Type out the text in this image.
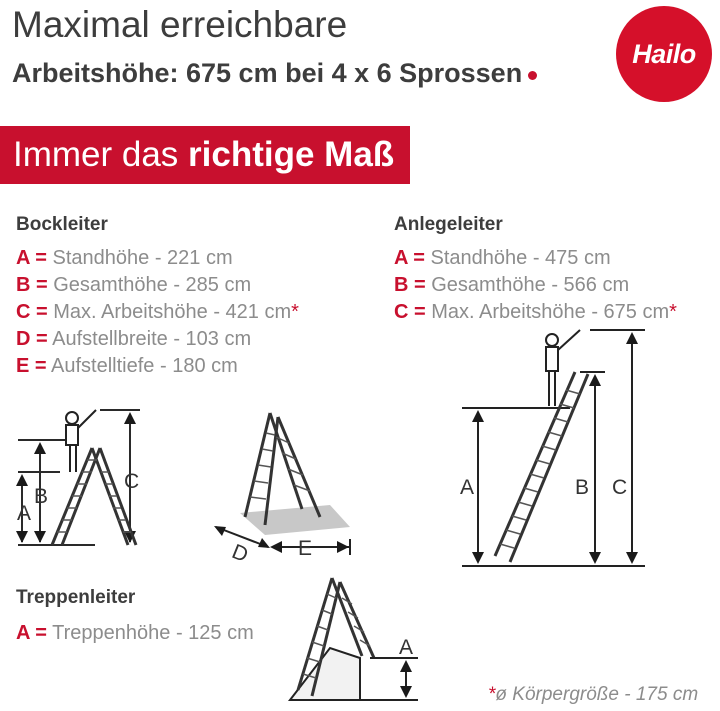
Maximal erreichbare
Arbeitshöhe: 675 cm bei 4 x 6 Sprossen
Hailo
Immer das richtige Maß
Bockleiter
A = Standhöhe - 221 cm
B = Gesamthöhe - 285 cm
C = Max. Arbeitshöhe - 421 cm*
D = Aufstellbreite - 103 cm
E = Aufstelltiefe - 180 cm
Anlegeleiter
A = Standhöhe - 475 cm
B = Gesamthöhe - 566 cm
C = Max. Arbeitshöhe - 675 cm*
Treppenleiter
A = Treppenhöhe - 125 cm
A
B
C
D E
A	B C
A
*ø Körpergröße - 175 cm
